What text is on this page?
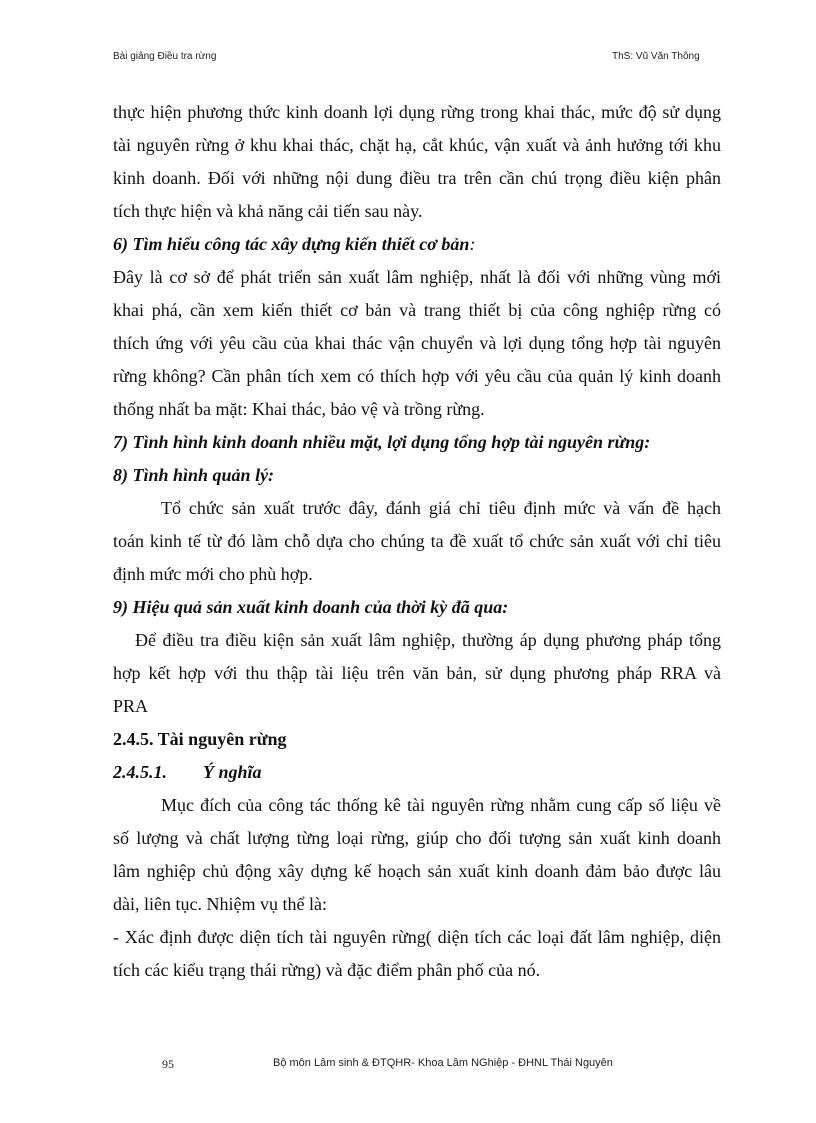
Bài giảng Điều tra rừng	ThS: Vũ Văn Thông
thực hiện phương thức kinh doanh lợi dụng rừng trong khai thác, mức độ sử dụng
tài nguyên rừng ở khu khai thác, chặt hạ, cắt khúc, vận xuất và ảnh hưởng tới khu
kinh doanh. Đối với những nội dung điều tra trên cần chú trọng điều kiện phân
tích thực hiện và khả năng cải tiến sau này.
6) Tìm hiểu công tác xây dựng kiến thiết cơ bản:
Đây là cơ sở để phát triển sản xuất lâm nghiệp, nhất là đối với những vùng mới
khai phá, cần xem kiến thiết cơ bản và trang thiết bị của công nghiệp rừng có
thích ứng với yêu cầu của khai thác vận chuyển và lợi dụng tổng hợp tài nguyên
rừng không? Cần phân tích xem có thích hợp với yêu cầu của quản lý kinh doanh
thống nhất ba mặt: Khai thác, bảo vệ và trồng rừng.
7) Tình hình kinh doanh nhiều mặt, lợi dụng tổng hợp tài nguyên rừng:
8) Tình hình quản lý:
Tổ chức sản xuất trước đây, đánh giá chỉ tiêu định mức và vấn đề hạch
toán kinh tế từ đó làm chỗ dựa cho chúng ta đề xuất tổ chức sản xuất với chỉ tiêu
định mức mới cho phù hợp.
9) Hiệu quả sản xuất kinh doanh của thời kỳ đã qua:
Để điều tra điều kiện sản xuất lâm nghiệp, thường áp dụng phương pháp tổng
hợp kết hợp với thu thập tài liệu trên văn bản, sử dụng phương pháp RRA và
PRA
2.4.5. Tài nguyên rừng
2.4.5.1. Ý nghĩa
Mục đích của công tác thống kê tài nguyên rừng nhằm cung cấp số liệu về
số lượng và chất lượng từng loại rừng, giúp cho đối tượng sản xuất kinh doanh
lâm nghiệp chủ động xây dựng kế hoạch sản xuất kinh doanh đảm bảo được lâu
dài, liên tục. Nhiệm vụ thể là:
- Xác định được diện tích tài nguyên rừng( diện tích các loại đất lâm nghiệp, diện
tích các kiểu trạng thái rừng) và đặc điểm phân phố của nó.
95	Bộ môn Lâm sinh & ĐTQHR- Khoa Lâm NGhiệp - ĐHNL Thái Nguyên
